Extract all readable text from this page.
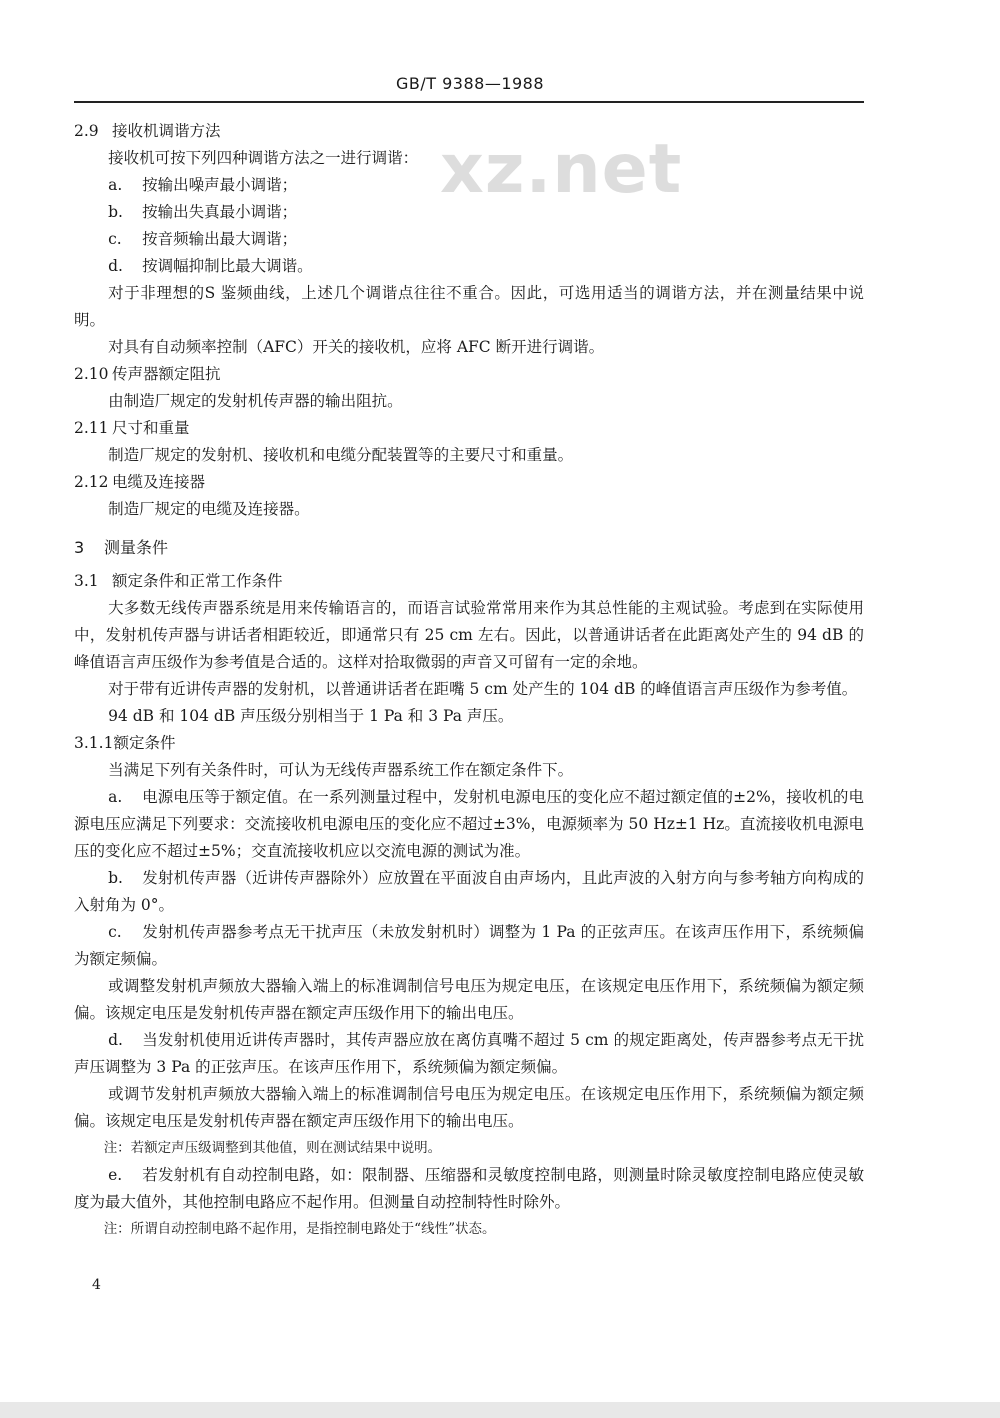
xz.net
GB/T 9388—1988
2.9 接收机调谐方法
接收机可按下列四种调谐方法之一进行调谐：
a. 按输出噪声最小调谐；
b. 按输出失真最小调谐；
c. 按音频输出最大调谐；
d. 按调幅抑制比最大调谐。
对于非理想的S 鉴频曲线，上述几个调谐点往往不重合。因此，可选用适当的调谐方法，并在测量结果中说明。
对具有自动频率控制（AFC）开关的接收机，应将 AFC 断开进行调谐。
2.10 传声器额定阻抗
由制造厂规定的发射机传声器的输出阻抗。
2.11 尺寸和重量
制造厂规定的发射机、接收机和电缆分配装置等的主要尺寸和重量。
2.12 电缆及连接器
制造厂规定的电缆及连接器。
3 测量条件
3.1 额定条件和正常工作条件
大多数无线传声器系统是用来传输语言的，而语言试验常常用来作为其总性能的主观试验。考虑到在实际使用中，发射机传声器与讲话者相距较近，即通常只有 25 cm 左右。因此，以普通讲话者在此距离处产生的 94 dB 的峰值语言声压级作为参考值是合适的。这样对拾取微弱的声音又可留有一定的余地。
对于带有近讲传声器的发射机，以普通讲话者在距嘴 5 cm 处产生的 104 dB 的峰值语言声压级作为参考值。
94 dB 和 104 dB 声压级分别相当于 1 Pa 和 3 Pa 声压。
3.1.1额定条件
当满足下列有关条件时，可认为无线传声器系统工作在额定条件下。
a. 电源电压等于额定值。在一系列测量过程中，发射机电源电压的变化应不超过额定值的±2%，接收机的电源电压应满足下列要求：交流接收机电源电压的变化应不超过±3%，电源频率为 50 Hz±1 Hz。直流接收机电源电压的变化应不超过±5%；交直流接收机应以交流电源的测试为准。
b. 发射机传声器（近讲传声器除外）应放置在平面波自由声场内，且此声波的入射方向与参考轴方向构成的入射角为 0°。
c. 发射机传声器参考点无干扰声压（未放发射机时）调整为 1 Pa 的正弦声压。在该声压作用下，系统频偏为额定频偏。
或调整发射机声频放大器输入端上的标准调制信号电压为规定电压，在该规定电压作用下，系统频偏为额定频偏。该规定电压是发射机传声器在额定声压级作用下的输出电压。
d. 当发射机使用近讲传声器时，其传声器应放在离仿真嘴不超过 5 cm 的规定距离处，传声器参考点无干扰声压调整为 3 Pa 的正弦声压。在该声压作用下，系统频偏为额定频偏。
或调节发射机声频放大器输入端上的标准调制信号电压为规定电压。在该规定电压作用下，系统频偏为额定频偏。该规定电压是发射机传声器在额定声压级作用下的输出电压。
注：若额定声压级调整到其他值，则在测试结果中说明。
e. 若发射机有自动控制电路，如：限制器、压缩器和灵敏度控制电路，则测量时除灵敏度控制电路应使灵敏度为最大值外，其他控制电路应不起作用。但测量自动控制特性时除外。
注：所谓自动控制电路不起作用，是指控制电路处于“线性”状态。
4
